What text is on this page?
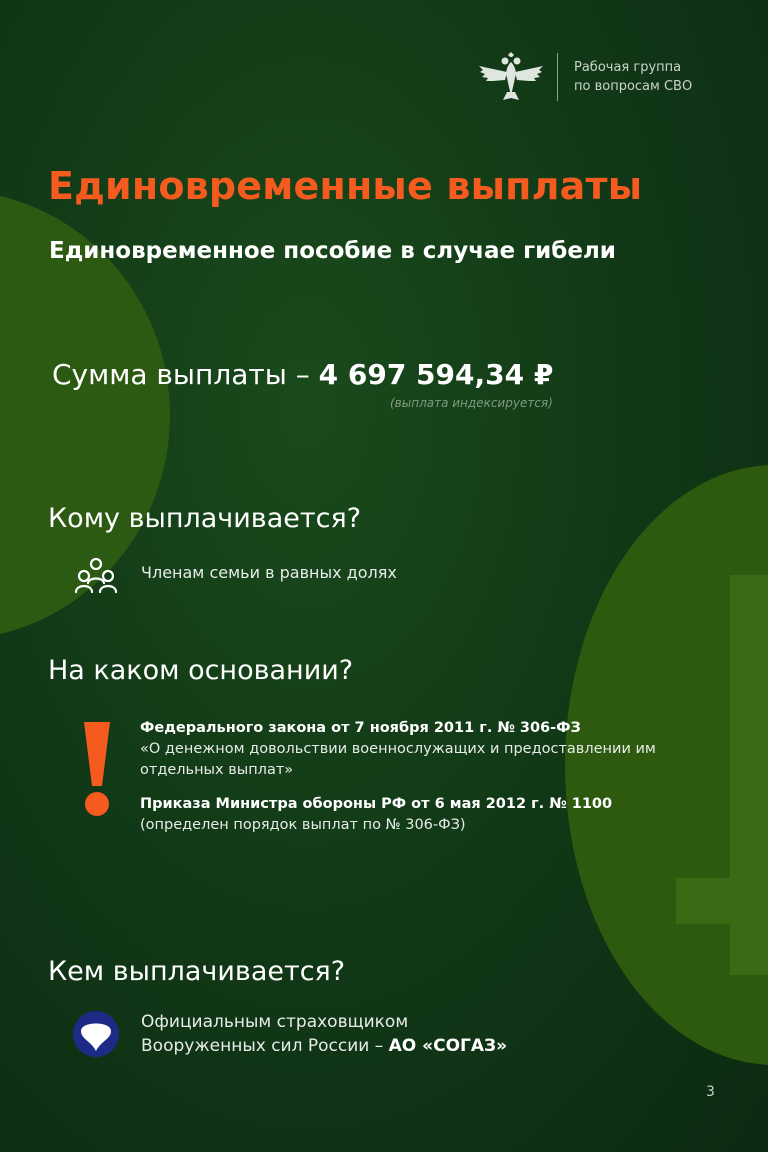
Рабочая группа
по вопросам СВО
Единовременные выплаты
Единовременное пособие в случае гибели
Сумма выплаты – 4 697 594,34 ₽
(выплата индексируется)
Кому выплачивается?
Членам семьи в равных долях
На каком основании?
Федерального закона от 7 ноября 2011 г. № 306-ФЗ
«О денежном довольствии военнослужащих и предоставлении им отдельных выплат»
Приказа Министра обороны РФ от 6 мая 2012 г. № 1100
(определен порядок выплат по № 306-ФЗ)
Кем выплачивается?
Официальным страховщиком
Вооруженных сил России – АО «СОГАЗ»
3
